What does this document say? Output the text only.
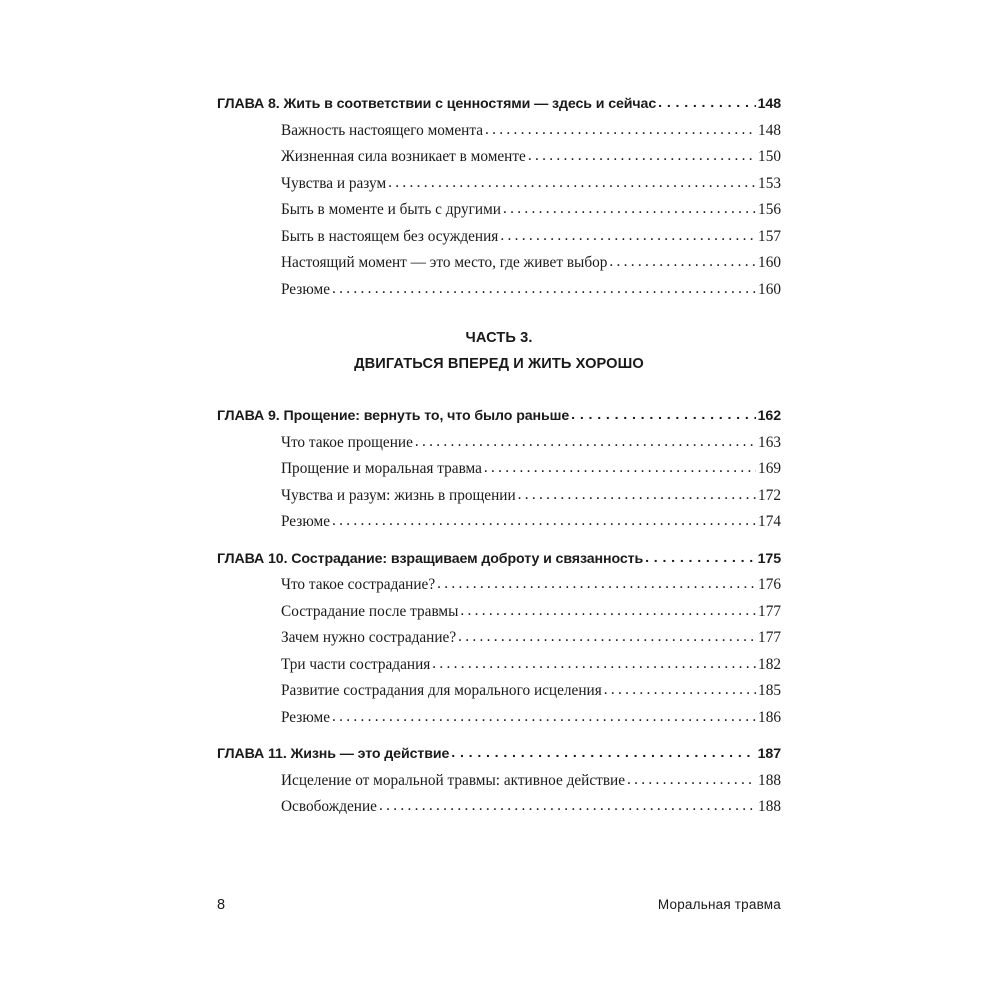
ГЛАВА 8. Жить в соответствии с ценностями — здесь и сейчас . . .	148
Важность настоящего момента .....	148
Жизненная сила возникает в моменте .....	150
Чувства и разум .....	153
Быть в моменте и быть с другими .....	156
Быть в настоящем без осуждения .....	157
Настоящий момент — это место, где живет выбор .....	160
Резюме .....	160
ЧАСТЬ 3.
ДВИГАТЬСЯ ВПЕРЕД И ЖИТЬ ХОРОШО
ГЛАВА 9. Прощение: вернуть то, что было раньше . . .	162
Что такое прощение .....	163
Прощение и моральная травма .....	169
Чувства и разум: жизнь в прощении .....	172
Резюме .....	174
ГЛАВА 10. Сострадание: взращиваем доброту и связанность . . .	175
Что такое сострадание? .....	176
Сострадание после травмы .....	177
Зачем нужно сострадание? .....	177
Три части сострадания .....	182
Развитие сострадания для морального исцеления .....	185
Резюме .....	186
ГЛАВА 11. Жизнь — это действие . . .	187
Исцеление от моральной травмы: активное действие .....	188
Освобождение .....	188
8	Моральная травма
